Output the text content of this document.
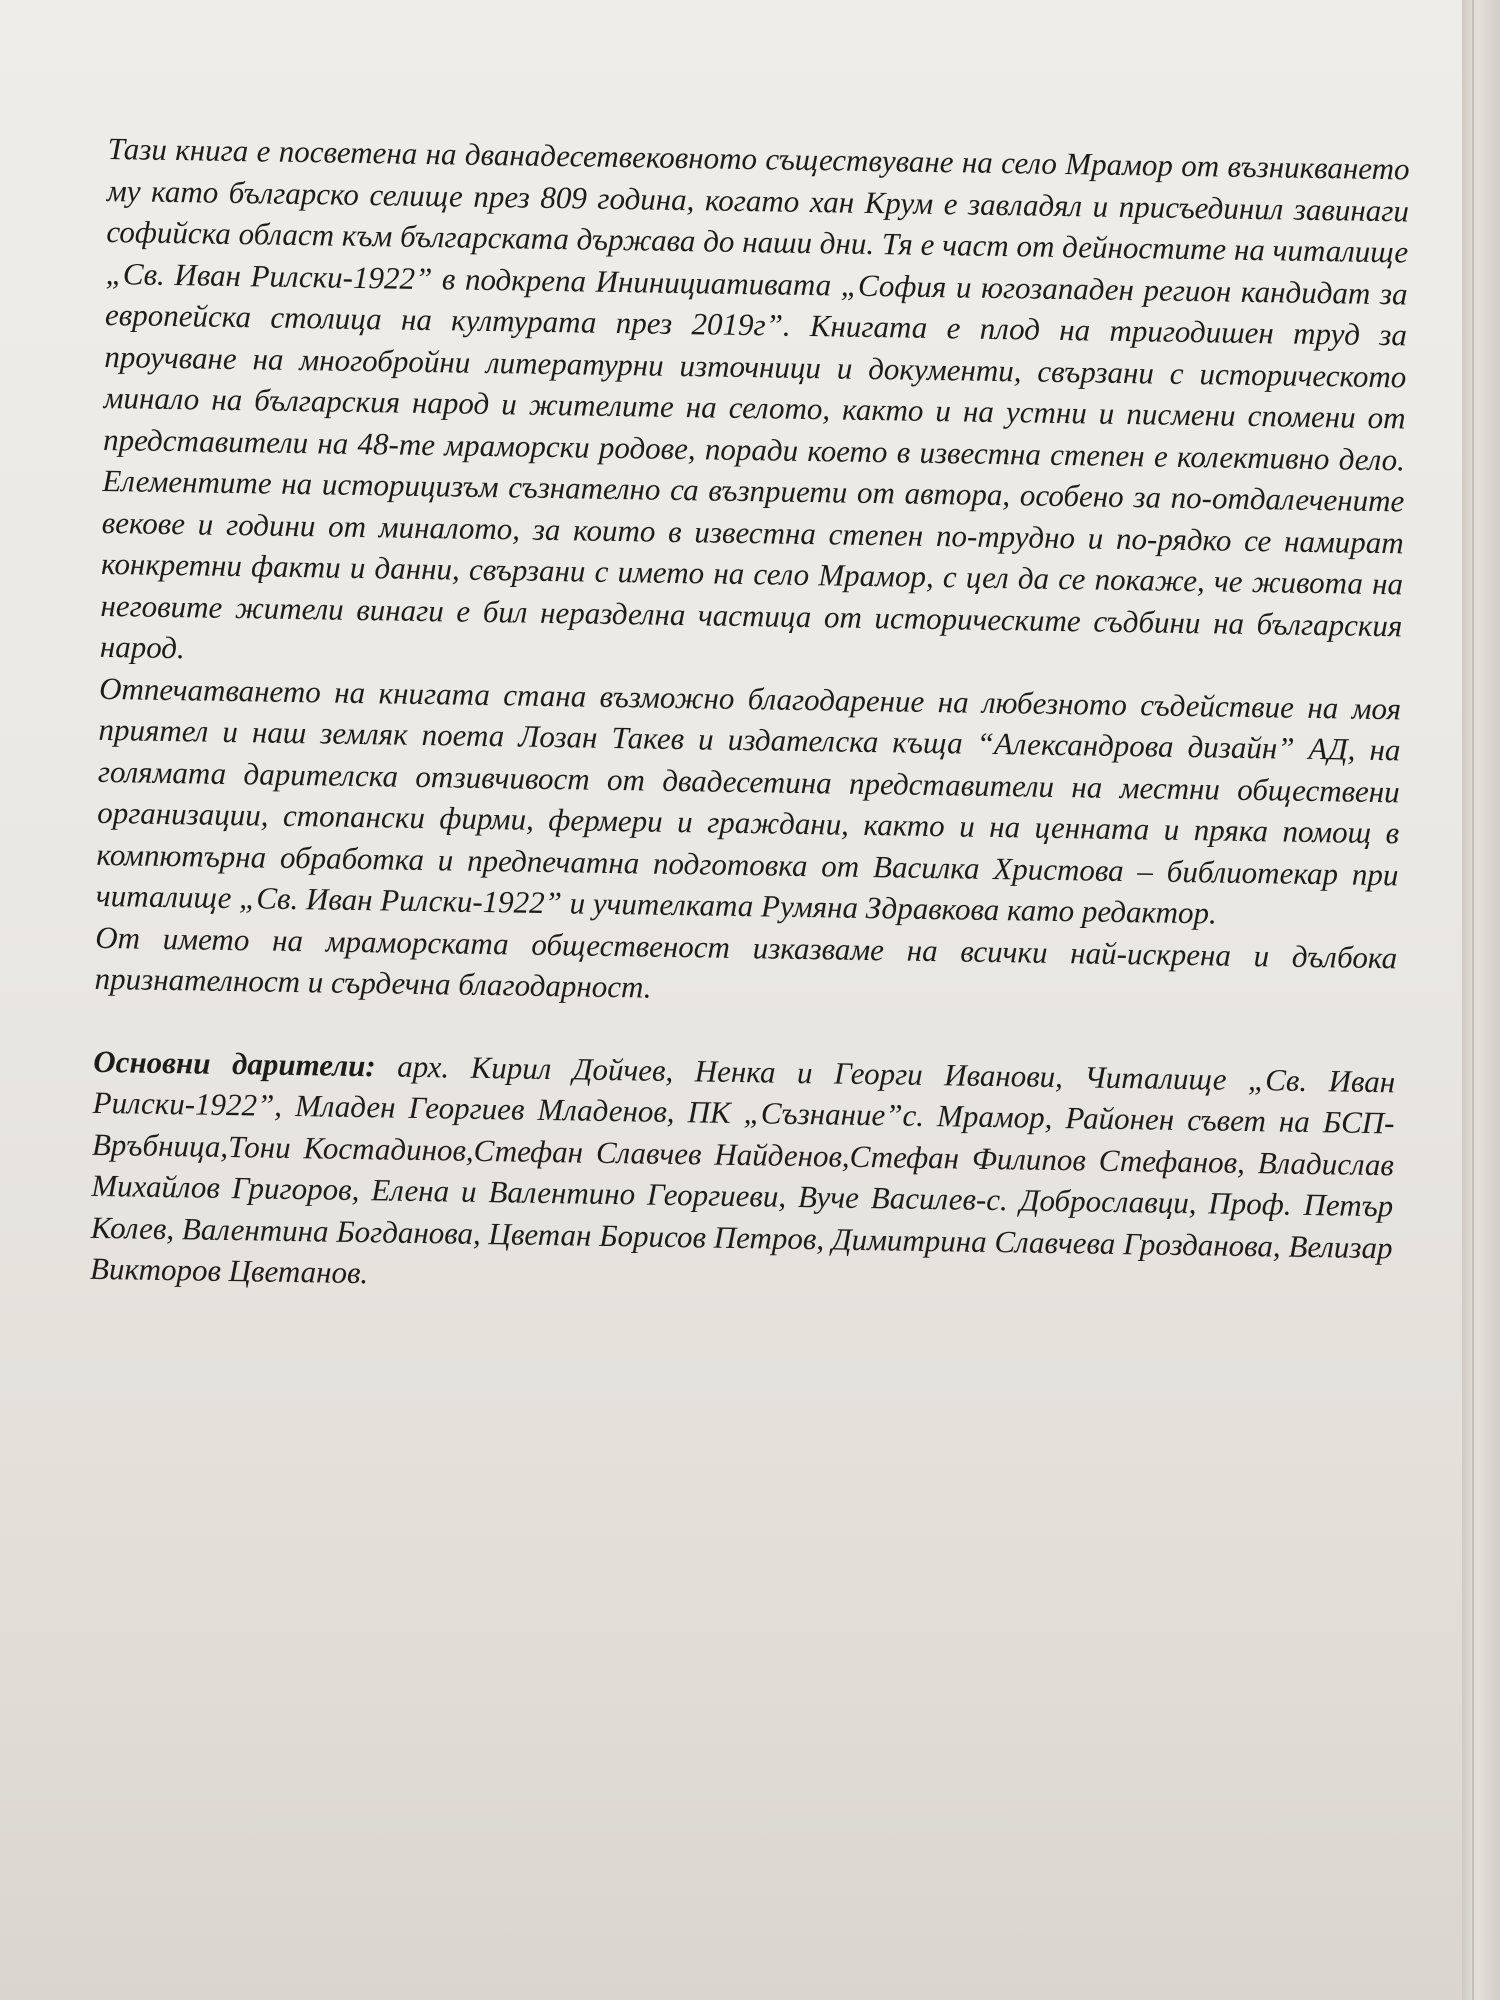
Тази книга е посветена на дванадесетвековното съществуване на село Мрамор от възникването му като българско селище през 809 година, когато хан Крум е завладял и присъединил завинаги софийска област към българската държава до наши дни. Тя е част от дейностите на читалище „Св. Иван Рилски-1922” в подкрепа Ининициативата „София и югозападен регион кандидат за европейска столица на културата през 2019г”. Книгата е плод на тригодишен труд за проучване на многобройни литературни източници и документи, свързани с историческото минало на българския народ и жителите на селото, както и на устни и писмени спомени от представители на 48-те мраморски родове, поради което в известна степен е колективно дело. Елементите на историцизъм съзнателно са възприети от автора, особено за по-отдалечените векове и години от миналото, за които в известна степен по-трудно и по-рядко се намират конкретни факти и данни, свързани с името на село Мрамор, с цел да се покаже, че живота на неговите жители винаги е бил неразделна частица от историческите съдбини на българския народ.

Отпечатването на книгата стана възможно благодарение на любезното съдействие на моя приятел и наш земляк поета Лозан Такев и издателска къща “Александрова дизайн” АД, на голямата дарителска отзивчивост от двадесетина представители на местни обществени организации, стопански фирми, фермери и граждани, както и на ценната и пряка помощ в компютърна обработка и предпечатна подготовка от Василка Христова – библиотекар при читалище „Св. Иван Рилски-1922” и учителката Румяна Здравкова като редактор.

От името на мраморската общественост изказваме на всички най-искрена и дълбока признателност и сърдечна благодарност.

Основни дарители: арх. Кирил Дойчев, Ненка и Георги Иванови, Читалище „Св. Иван Рилски-1922”, Младен Георгиев Младенов, ПК „Съзнание”с. Мрамор, Районен съвет на БСП-Връбница,Тони Костадинов,Стефан Славчев Найденов,Стефан Филипов Стефанов, Владислав Михайлов Григоров, Елена и Валентино Георгиеви, Вуче Василев-с. Доброславци, Проф. Петър Колев, Валентина Богданова, Цветан Борисов Петров, Димитрина Славчева Грозданова, Велизар Викторов Цветанов.
